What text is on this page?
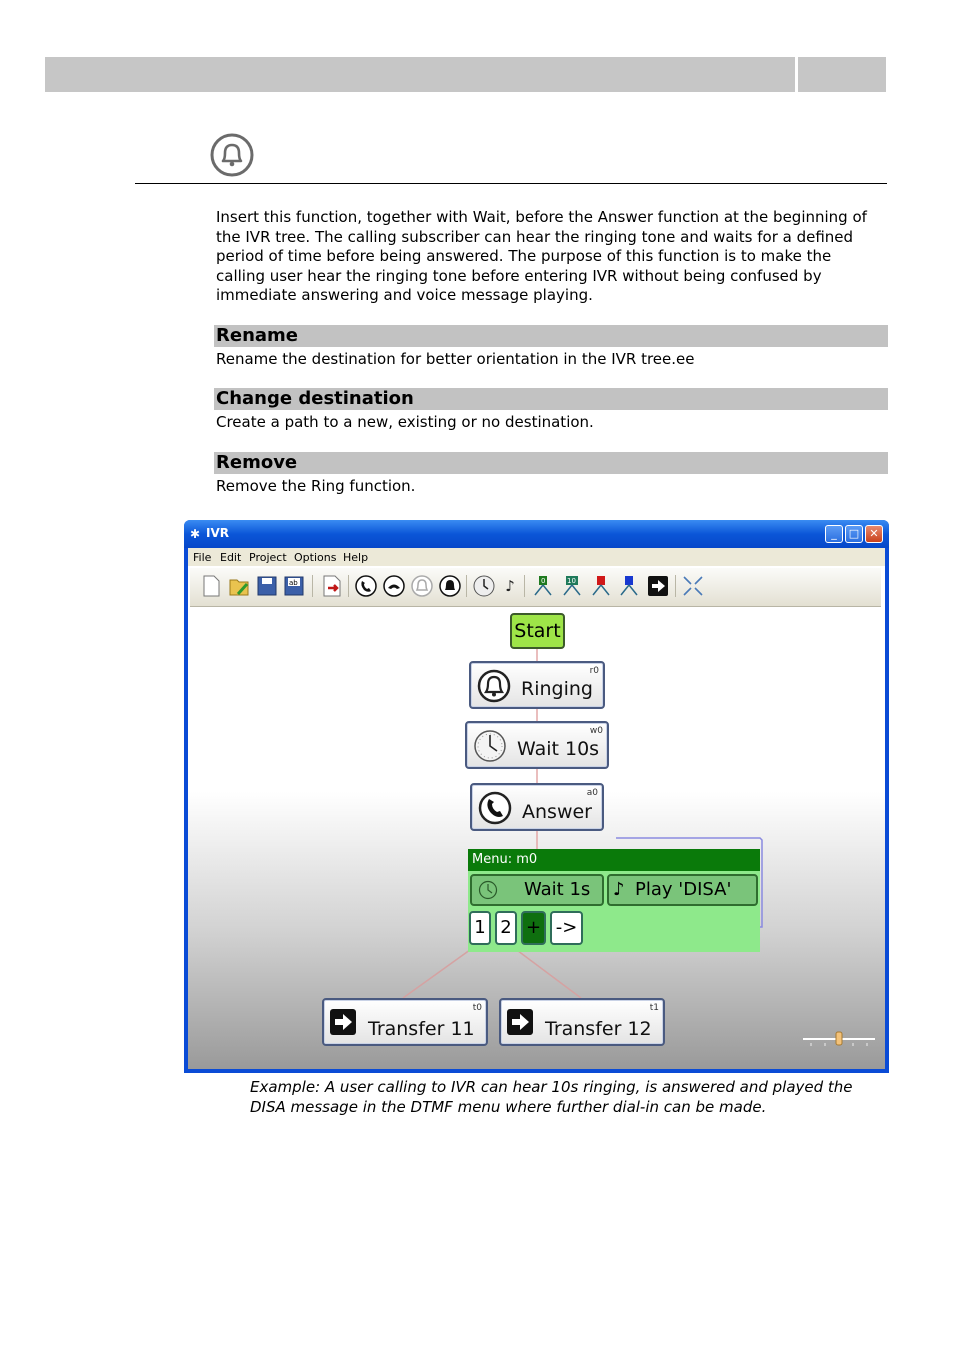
Insert this function, together with Wait, before the Answer function at the beginning of the IVR tree. The calling subscriber can hear the ringing tone and waits for a defined period of time before being answered. The purpose of this function is to make the calling user hear the ringing tone before entering IVR without being confused by immediate answering and voice message playing.
Rename
Rename the destination for better orientation in the IVR tree.ee
Change destination
Create a path to a new, existing or no destination.
Remove
Remove the Ring function.
✱ IVR	_	□ ✕
File Edit Project Options Help
ab	♪	0	10
Start
Ringing
r0
Wait 10s
w0
Answer
a0
Menu: m0
Wait 1s ♪ Play 'DISA'
1 2 + ->
Transfer 11
t0
Transfer 12
t1
Example: A user calling to IVR can hear 10s ringing, is answered and played the DISA message in the DTMF menu where further dial-in can be made.
